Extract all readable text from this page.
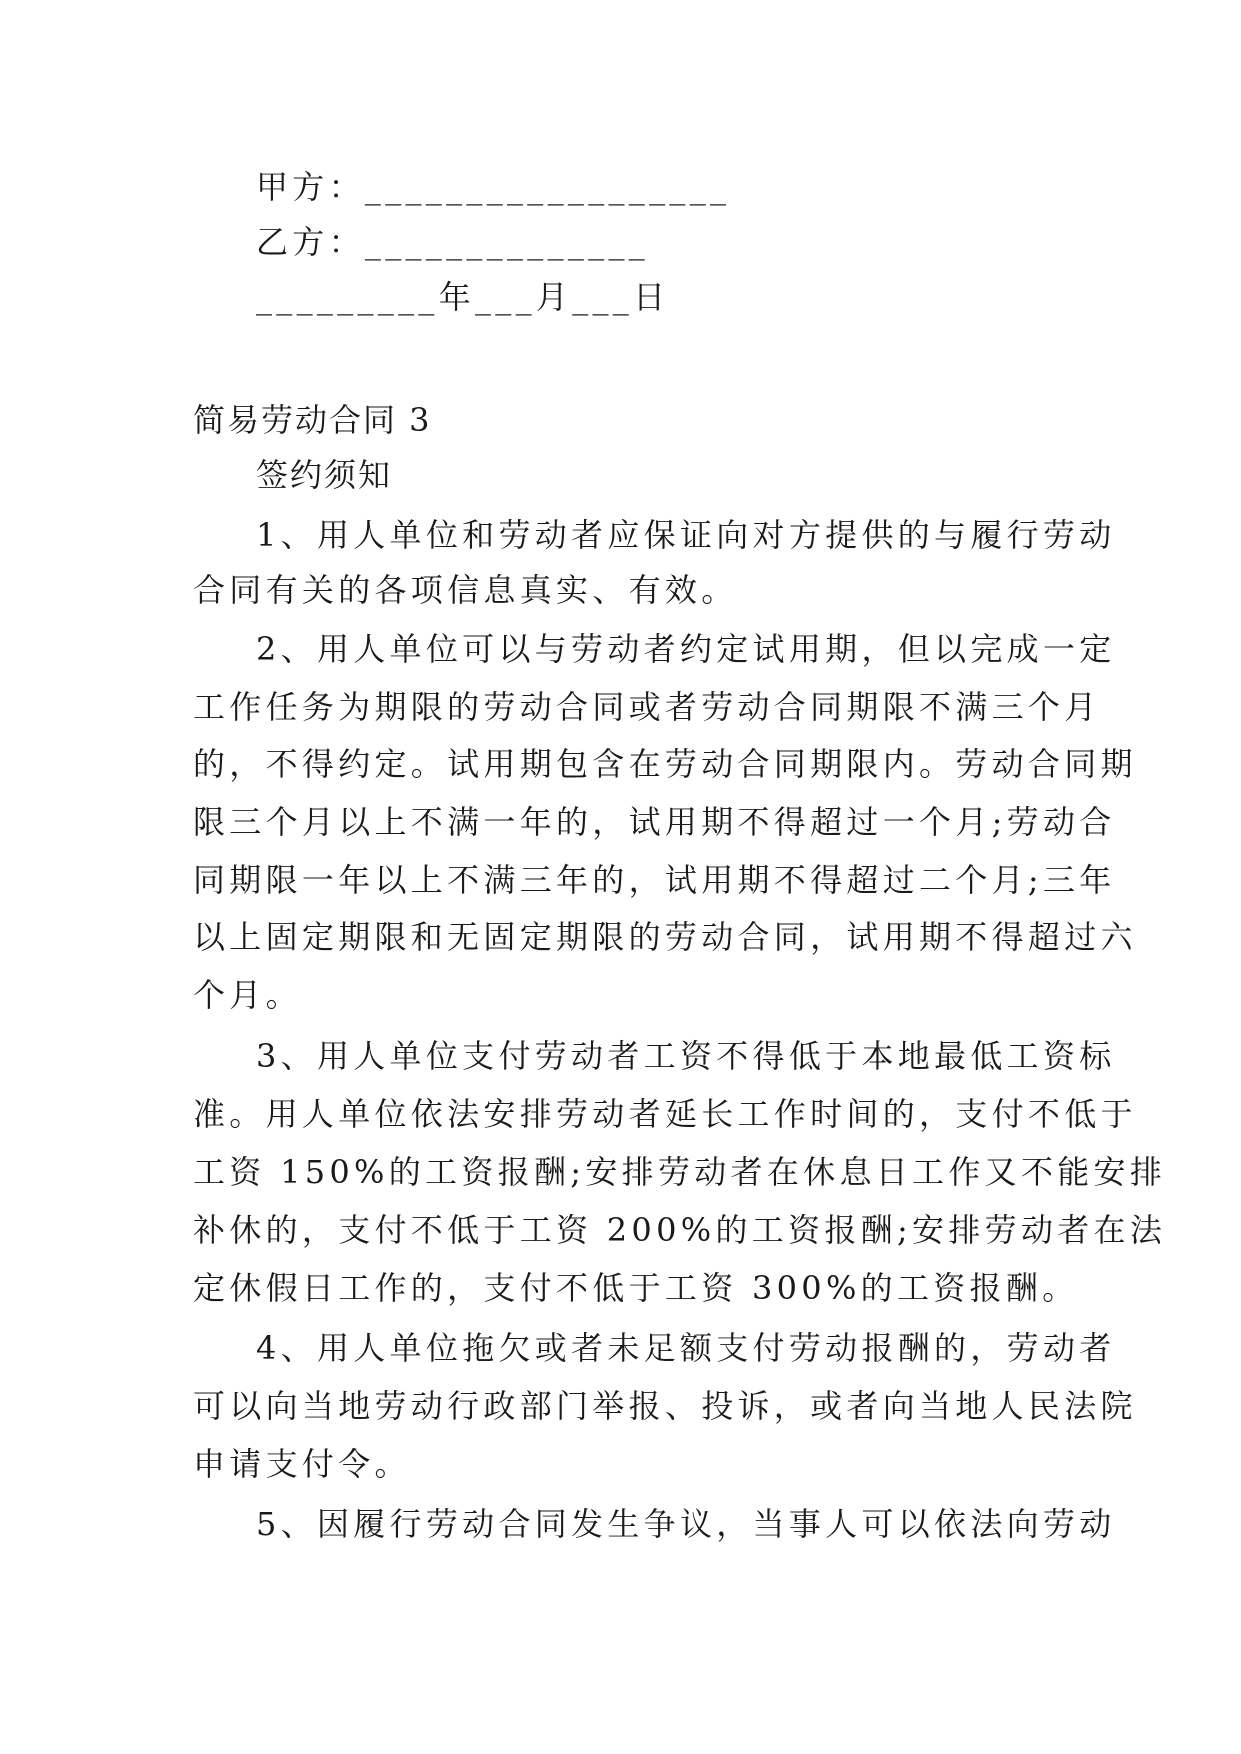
甲方：__________________
乙方：______________
_________年___月___日
简易劳动合同 3
签约须知
1、用人单位和劳动者应保证向对方提供的与履行劳动
合同有关的各项信息真实、有效。
2、用人单位可以与劳动者约定试用期，但以完成一定
工作任务为期限的劳动合同或者劳动合同期限不满三个月
的，不得约定。试用期包含在劳动合同期限内。劳动合同期
限三个月以上不满一年的，试用期不得超过一个月;劳动合
同期限一年以上不满三年的，试用期不得超过二个月;三年
以上固定期限和无固定期限的劳动合同，试用期不得超过六
个月。
3、用人单位支付劳动者工资不得低于本地最低工资标
准。用人单位依法安排劳动者延长工作时间的，支付不低于
工资 150%的工资报酬;安排劳动者在休息日工作又不能安排
补休的，支付不低于工资 200%的工资报酬;安排劳动者在法
定休假日工作的，支付不低于工资 300%的工资报酬。
4、用人单位拖欠或者未足额支付劳动报酬的，劳动者
可以向当地劳动行政部门举报、投诉，或者向当地人民法院
申请支付令。
5、因履行劳动合同发生争议，当事人可以依法向劳动
